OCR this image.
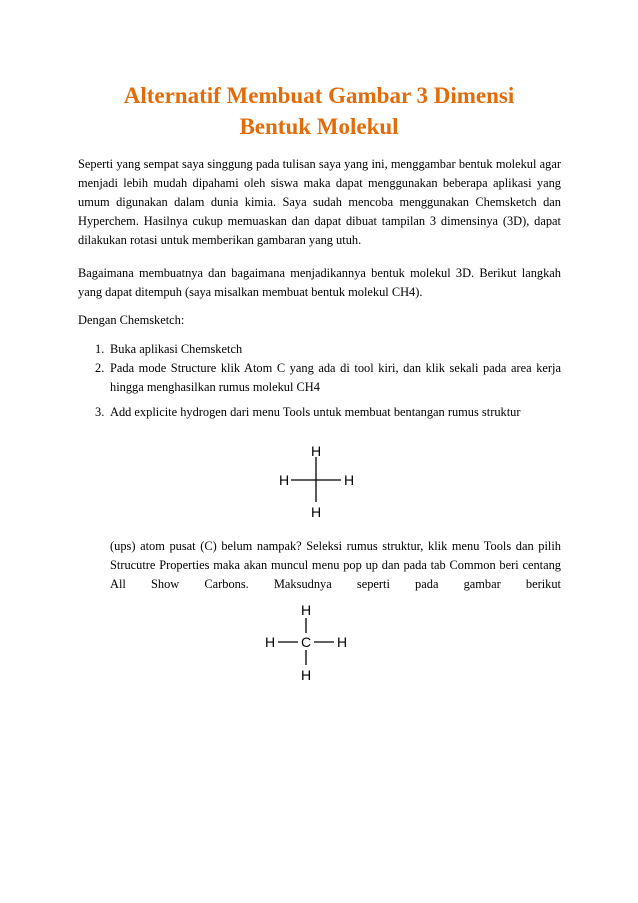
Alternatif Membuat Gambar 3 Dimensi
Bentuk Molekul

Seperti yang sempat saya singgung pada tulisan saya yang ini, menggambar bentuk molekul agar menjadi lebih mudah dipahami oleh siswa maka dapat menggunakan beberapa aplikasi yang umum digunakan dalam dunia kimia. Saya sudah mencoba menggunakan Chemsketch dan Hyperchem. Hasilnya cukup memuaskan dan dapat dibuat tampilan 3 dimensinya (3D), dapat dilakukan rotasi untuk memberikan gambaran yang utuh.

Bagaimana membuatnya dan bagaimana menjadikannya bentuk molekul 3D. Berikut langkah yang dapat ditempuh (saya misalkan membuat bentuk molekul CH4).

Dengan Chemsketch:

1. Buka aplikasi Chemsketch
2. Pada mode Structure klik Atom C yang ada di tool kiri, dan klik sekali pada area kerja hingga menghasilkan rumus molekul CH4
3. Add explicite hydrogen dari menu Tools untuk membuat bentangan rumus struktur
H
H	H
H

(ups) atom pusat (C) belum nampak? Seleksi rumus struktur, klik menu Tools dan pilih Strucutre Properties maka akan muncul menu pop up dan pada tab Common beri centang All Show Carbons. Maksudnya seperti pada gambar berikut

H
H C H
H
